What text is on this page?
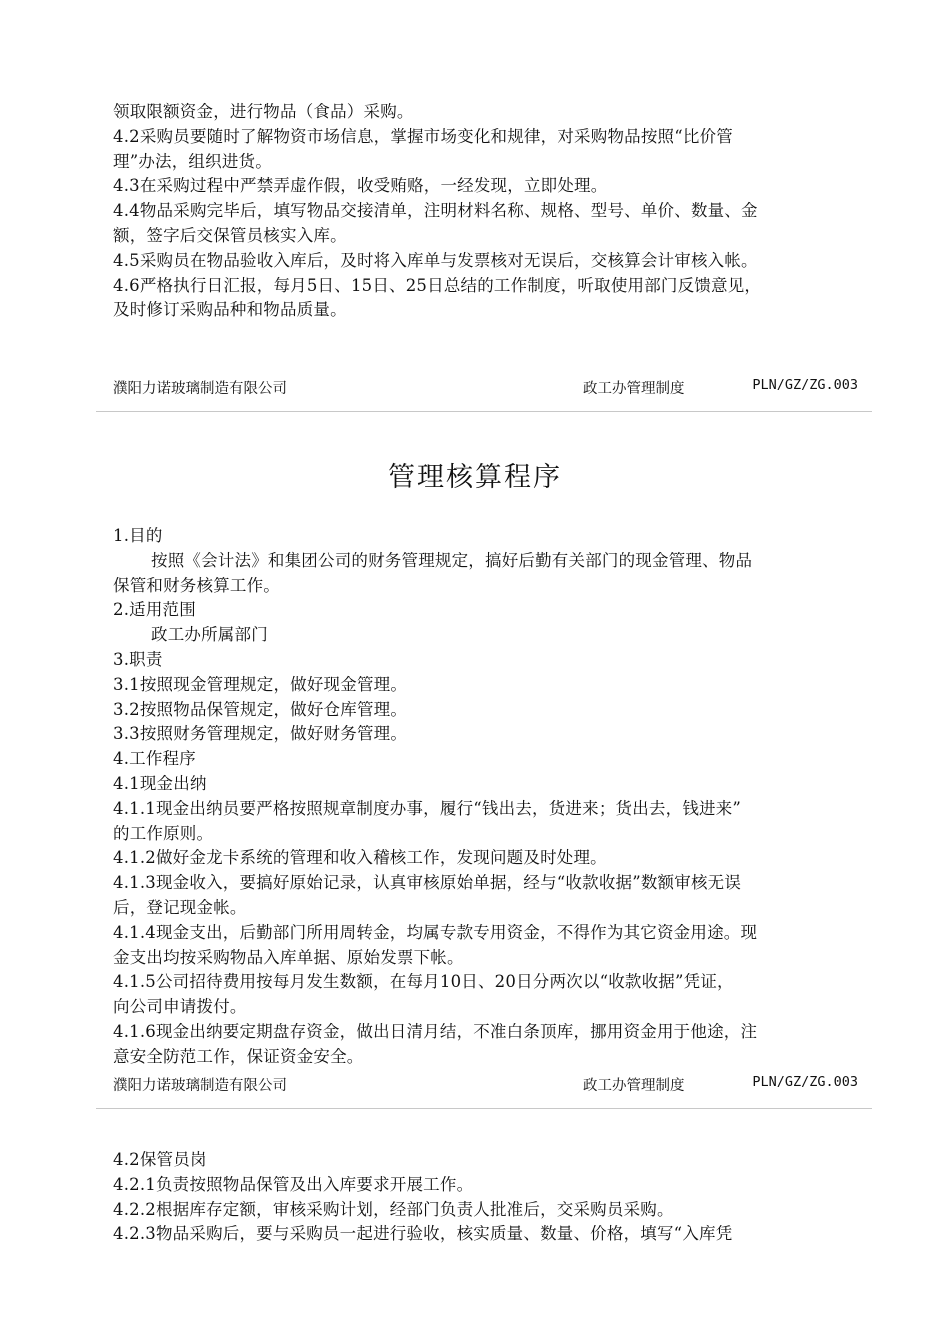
领取限额资金，进行物品（食品）采购。
4.2采购员要随时了解物资市场信息，掌握市场变化和规律，对采购物品按照“比价管
理”办法，组织进货。
4.3在采购过程中严禁弄虚作假，收受贿赂，一经发现，立即处理。
4.4物品采购完毕后，填写物品交接清单，注明材料名称、规格、型号、单价、数量、金
额，签字后交保管员核实入库。
4.5采购员在物品验收入库后，及时将入库单与发票核对无误后，交核算会计审核入帐。
4.6严格执行日汇报，每月5日、15日、25日总结的工作制度，听取使用部门反馈意见，
及时修订采购品种和物品质量。
濮阳力诺玻璃制造有限公司	政工办管理制度	PLN/GZ/ZG.003
管理核算程序
1.目的
按照《会计法》和集团公司的财务管理规定，搞好后勤有关部门的现金管理、物品
保管和财务核算工作。
2.适用范围
政工办所属部门
3.职责
3.1按照现金管理规定，做好现金管理。
3.2按照物品保管规定，做好仓库管理。
3.3按照财务管理规定，做好财务管理。
4.工作程序
4.1现金出纳
4.1.1现金出纳员要严格按照规章制度办事，履行“钱出去，货进来；货出去，钱进来”
的工作原则。
4.1.2做好金龙卡系统的管理和收入稽核工作，发现问题及时处理。
4.1.3现金收入，要搞好原始记录，认真审核原始单据，经与“收款收据”数额审核无误
后，登记现金帐。
4.1.4现金支出，后勤部门所用周转金，均属专款专用资金，不得作为其它资金用途。现
金支出均按采购物品入库单据、原始发票下帐。
4.1.5公司招待费用按每月发生数额，在每月10日、20日分两次以“收款收据”凭证，
向公司申请拨付。
4.1.6现金出纳要定期盘存资金，做出日清月结，不准白条顶库，挪用资金用于他途，注
意安全防范工作，保证资金安全。
濮阳力诺玻璃制造有限公司	政工办管理制度	PLN/GZ/ZG.003
4.2保管员岗
4.2.1负责按照物品保管及出入库要求开展工作。
4.2.2根据库存定额，审核采购计划，经部门负责人批准后，交采购员采购。
4.2.3物品采购后，要与采购员一起进行验收，核实质量、数量、价格，填写“入库凭
